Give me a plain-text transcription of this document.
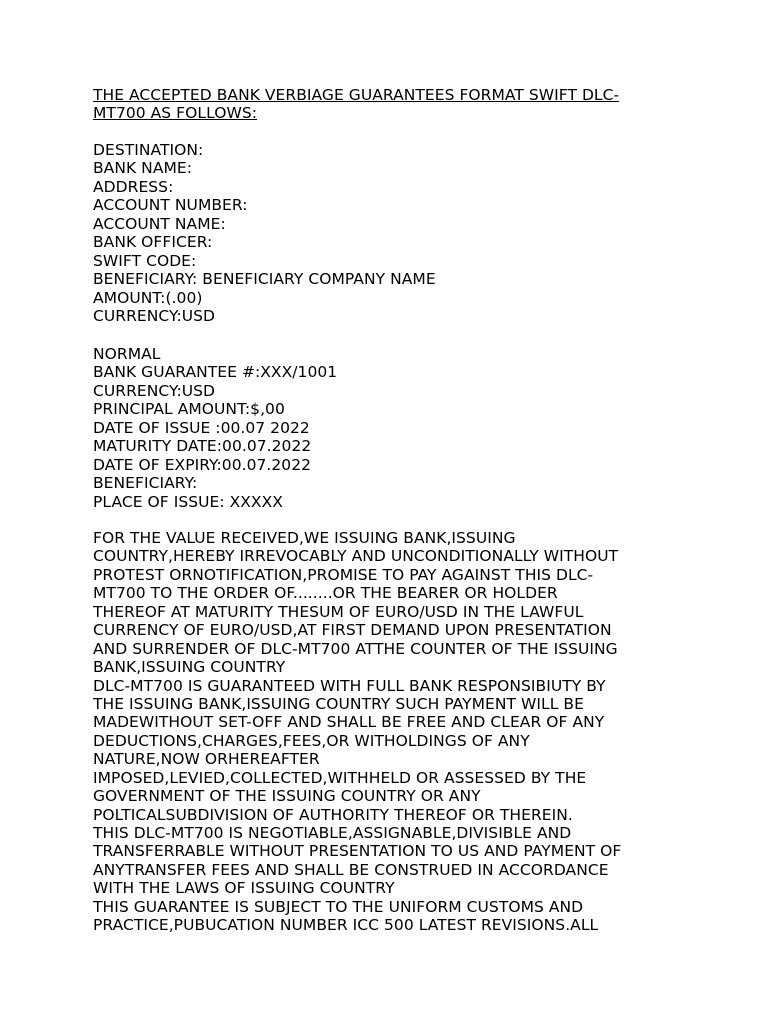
THE ACCEPTED BANK VERBIAGE GUARANTEES FORMAT SWIFT DLC-
MT700 AS FOLLOWS:
DESTINATION:
BANK NAME:
ADDRESS:
ACCOUNT NUMBER:
ACCOUNT NAME:
BANK OFFICER:
SWIFT CODE:
BENEFICIARY: BENEFICIARY COMPANY NAME
AMOUNT:(.00)
CURRENCY:USD
NORMAL
BANK GUARANTEE #:XXX/1001
CURRENCY:USD
PRINCIPAL AMOUNT:$,00
DATE OF ISSUE :00.07 2022
MATURITY DATE:00.07.2022
DATE OF EXPIRY:00.07.2022
BENEFICIARY:
PLACE OF ISSUE: XXXXX
FOR THE VALUE RECEIVED,WE ISSUING BANK,ISSUING
COUNTRY,HEREBY IRREVOCABLY AND UNCONDITIONALLY WITHOUT
PROTEST ORNOTIFICATION,PROMISE TO PAY AGAINST THIS DLC-
MT700 TO THE ORDER OF........OR THE BEARER OR HOLDER
THEREOF AT MATURITY THESUM OF EURO/USD IN THE LAWFUL
CURRENCY OF EURO/USD,AT FIRST DEMAND UPON PRESENTATION
AND SURRENDER OF DLC-MT700 ATTHE COUNTER OF THE ISSUING
BANK,ISSUING COUNTRY
DLC-MT700 IS GUARANTEED WITH FULL BANK RESPONSIBIUTY BY
THE ISSUING BANK,ISSUING COUNTRY SUCH PAYMENT WILL BE
MADEWITHOUT SET-OFF AND SHALL BE FREE AND CLEAR OF ANY
DEDUCTIONS,CHARGES,FEES,OR WITHOLDINGS OF ANY
NATURE,NOW ORHEREAFTER
IMPOSED,LEVIED,COLLECTED,WITHHELD OR ASSESSED BY THE
GOVERNMENT OF THE ISSUING COUNTRY OR ANY
POLTICALSUBDIVISION OF AUTHORITY THEREOF OR THEREIN.
THIS DLC-MT700 IS NEGOTIABLE,ASSIGNABLE,DIVISIBLE AND
TRANSFERRABLE WITHOUT PRESENTATION TO US AND PAYMENT OF
ANYTRANSFER FEES AND SHALL BE CONSTRUED IN ACCORDANCE
WITH THE LAWS OF ISSUING COUNTRY
THIS GUARANTEE IS SUBJECT TO THE UNIFORM CUSTOMS AND
PRACTICE,PUBUCATION NUMBER ICC 500 LATEST REVISIONS.ALL
